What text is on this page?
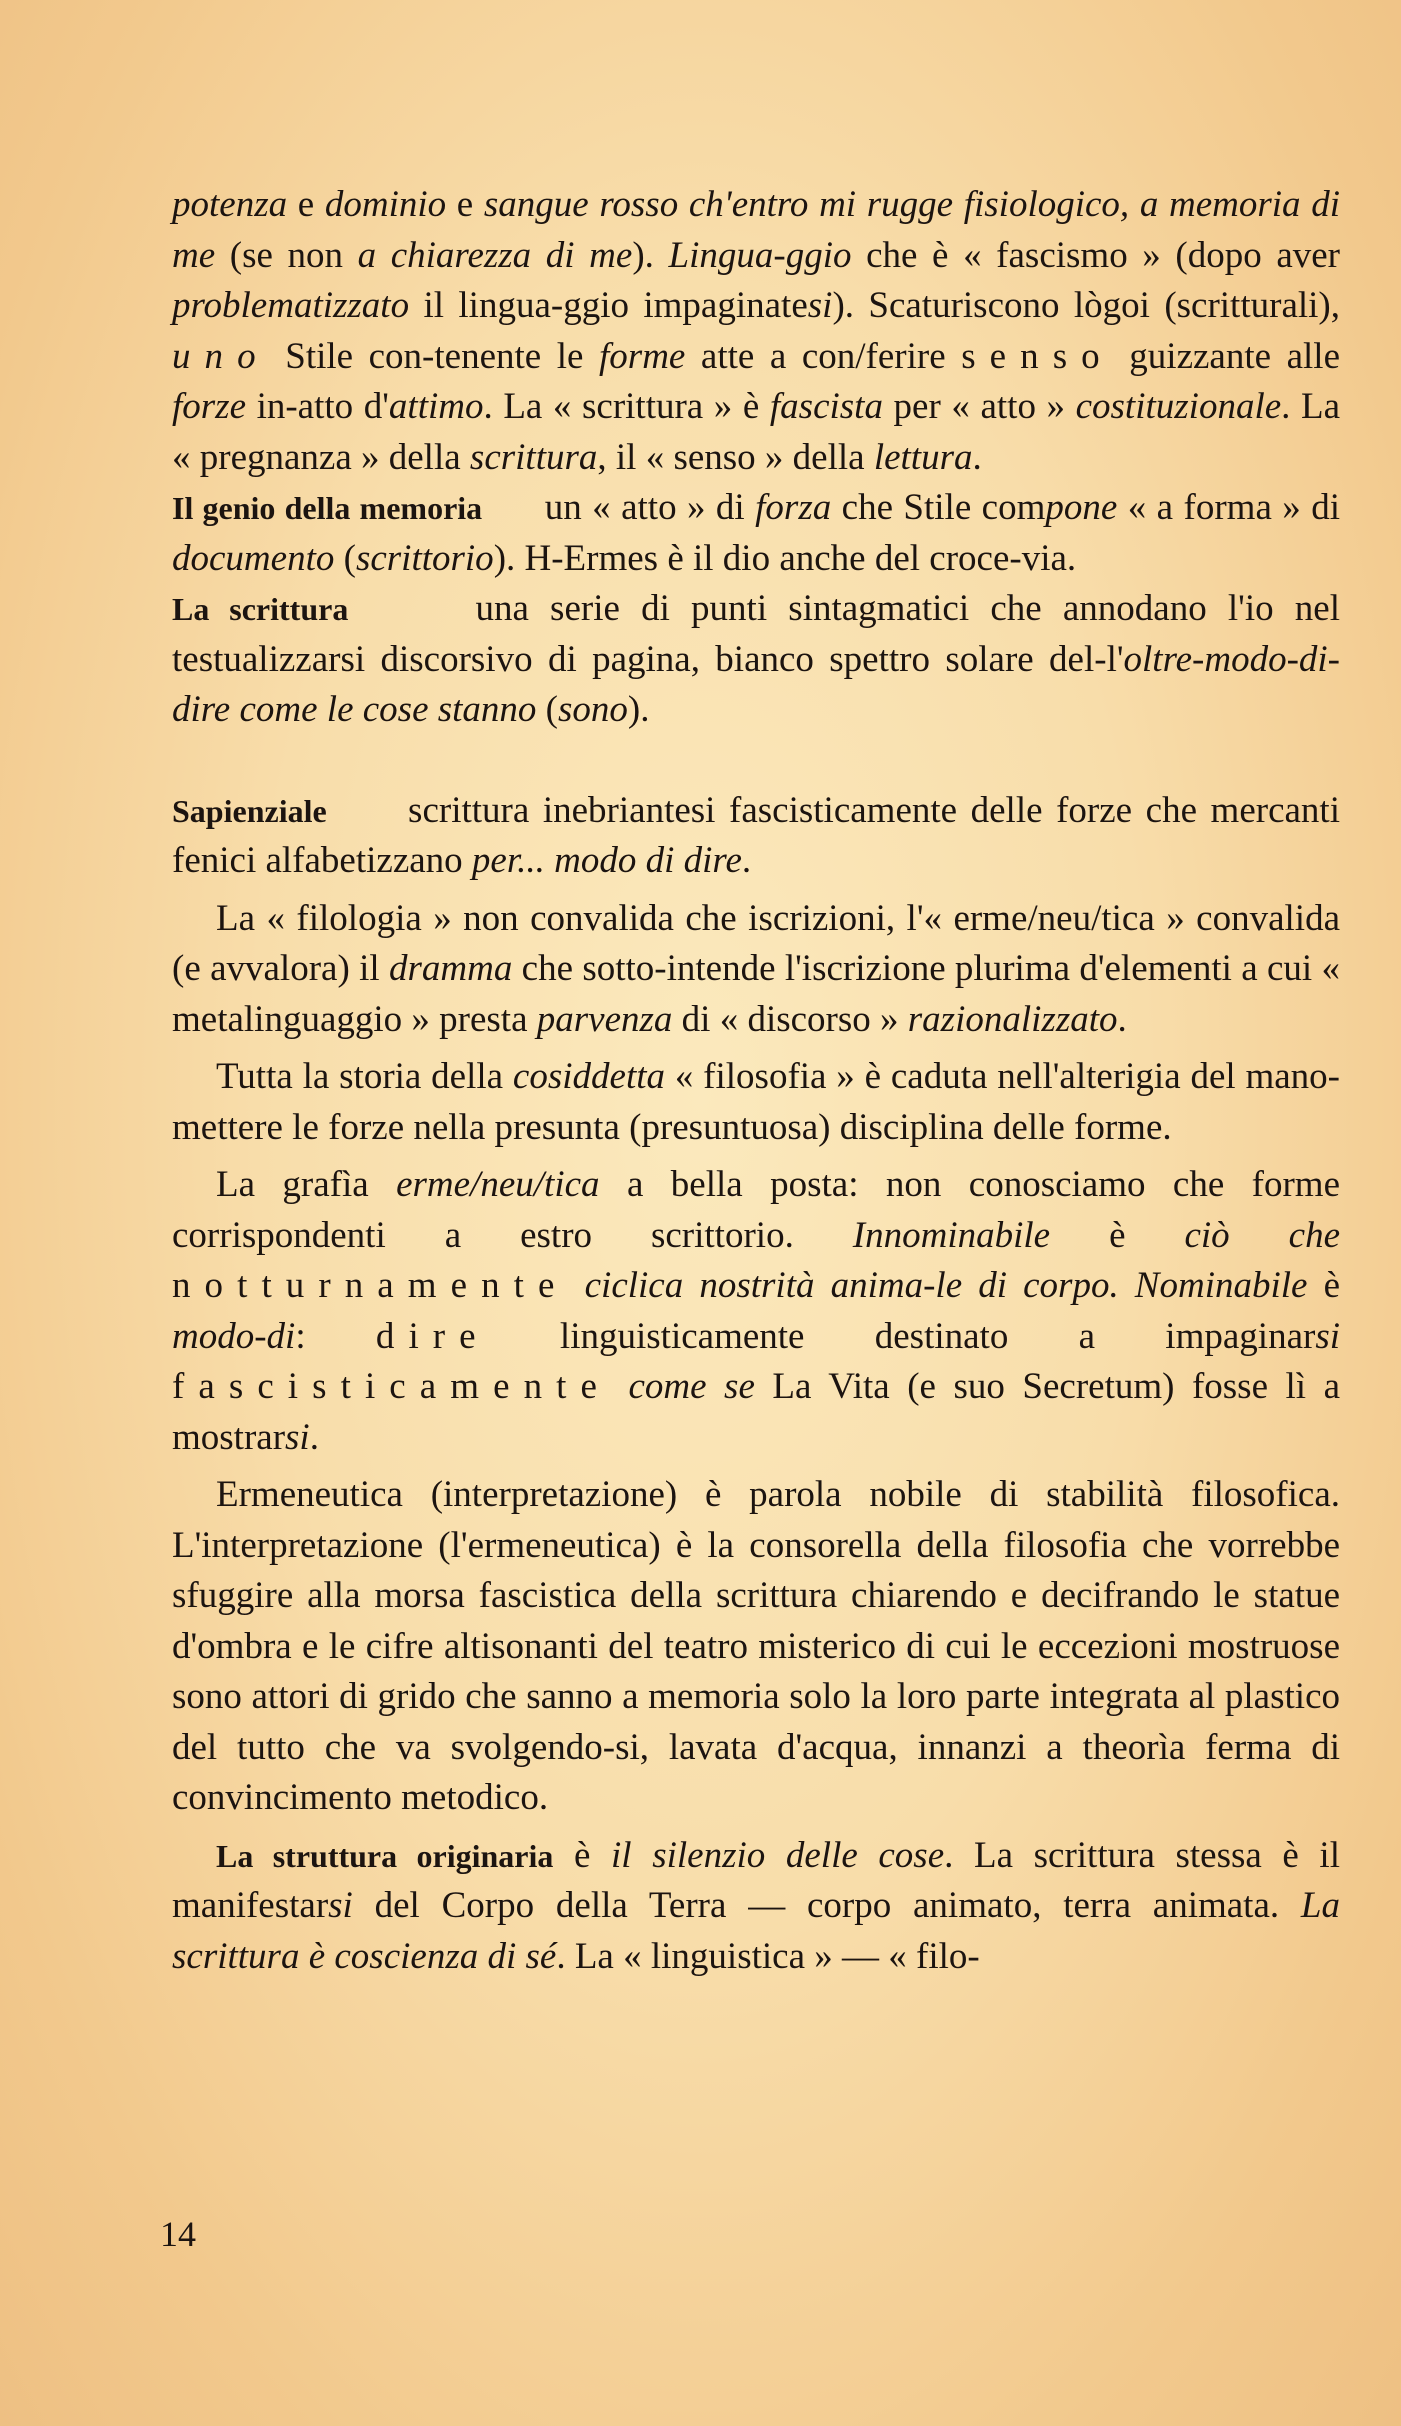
potenza e dominio e sangue rosso ch'entro mi rugge fisiologico, a memoria di me (se non a chiarezza di me). Lingua-ggio che è « fascismo » (dopo aver problematizzato il lingua-ggio impaginatesi). Scaturiscono lògoi (scritturali), uno Stile con-tenente le forme atte a con/ferire senso guizzante alle forze in-atto d'attimo. La « scrittura » è fascista per « atto » costituzionale. La « pregnanza » della scrittura, il « senso » della lettura.

Il genio della memoria      un « atto » di forza che Stile compone « a forma » di documento (scrittorio). H-Ermes è il dio anche del croce-via.

La scrittura      una serie di punti sintagmatici che annodano l'io nel testualizzarsi discorsivo di pagina, bianco spettro solare del-l'oltre-modo-di-dire come le cose stanno (sono).

Sapienziale      scrittura inebriantesi fascisticamente delle forze che mercanti fenici alfabetizzano per... modo di dire.

La « filologia » non convalida che iscrizioni, l'« erme/neu/tica » convalida (e avvalora) il dramma che sotto-intende l'iscrizione plurima d'elementi a cui « metalinguaggio » presta parvenza di « discorso » razionalizzato.

Tutta la storia della cosiddetta « filosofia » è caduta nell'alterigia del mano-mettere le forze nella presunta (presuntuosa) disciplina delle forme.

La grafìa erme/neu/tica a bella posta: non conosciamo che forme corrispondenti a estro scrittorio. Innominabile è ciò che notturnamente ciclica nostrità anima-le di corpo. Nominabile è modo-di: dire linguisticamente destinato a impaginarsi fascisticamente come se La Vita (e suo Secretum) fosse lì a mostrarsi.

Ermeneutica (interpretazione) è parola nobile di stabilità filosofica. L'interpretazione (l'ermeneutica) è la consorella della filosofia che vorrebbe sfuggire alla morsa fascistica della scrittura chiarendo e decifrando le statue d'ombra e le cifre altisonanti del teatro misterico di cui le eccezioni mostruose sono attori di grido che sanno a memoria solo la loro parte integrata al plastico del tutto che va svolgendo-si, lavata d'acqua, innanzi a theorìa ferma di convincimento metodico.

La struttura originaria è il silenzio delle cose. La scrittura stessa è il manifestarsi del Corpo della Terra — corpo animato, terra animata. La scrittura è coscienza di sé. La « linguistica » — « filo-

14
